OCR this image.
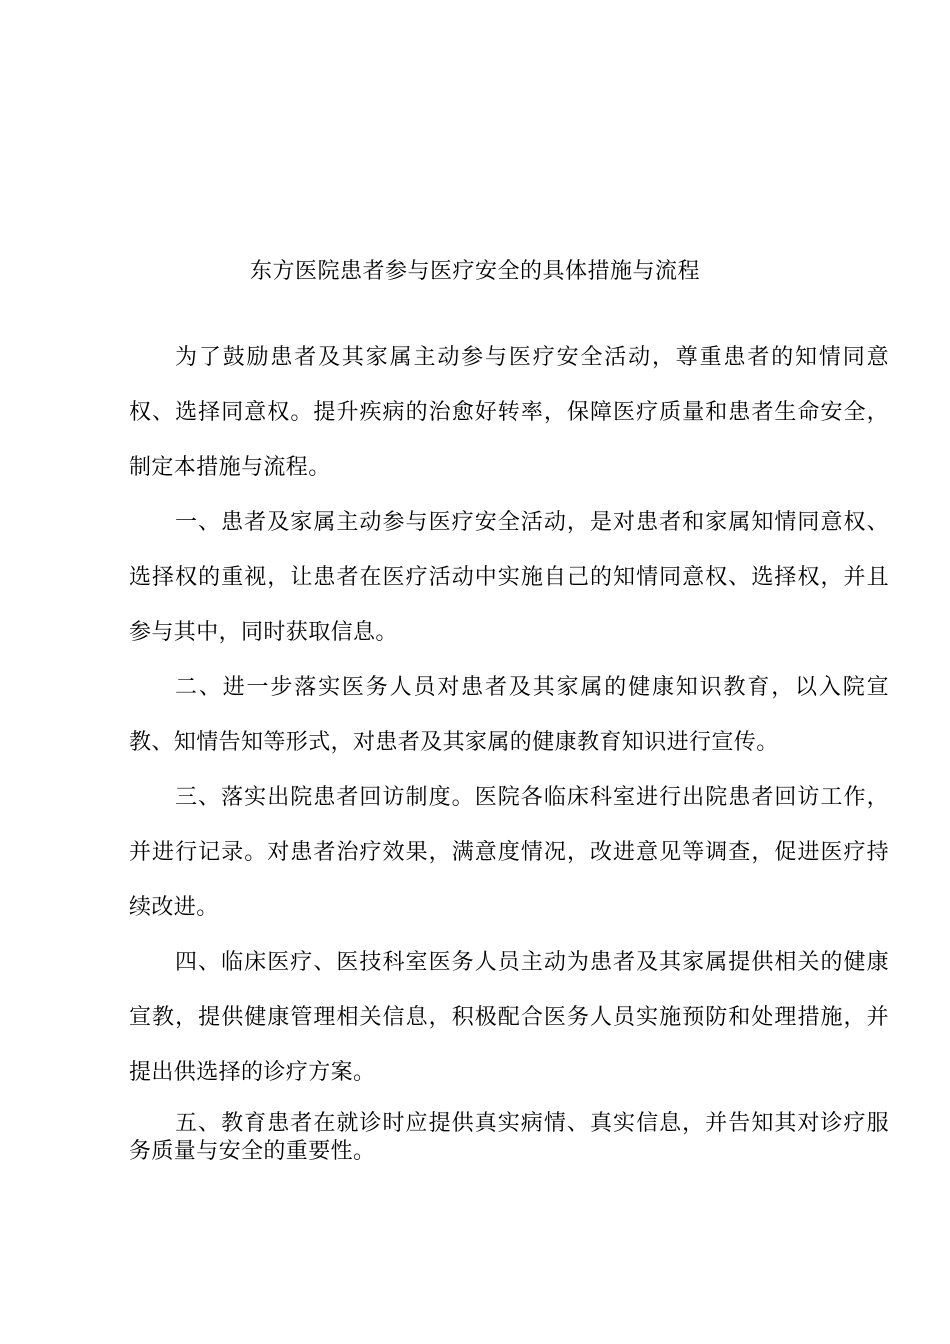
东方医院患者参与医疗安全的具体措施与流程

为了鼓励患者及其家属主动参与医疗安全活动，尊重患者的知情同意权、选择同意权。提升疾病的治愈好转率，保障医疗质量和患者生命安全，制定本措施与流程。

一、患者及家属主动参与医疗安全活动，是对患者和家属知情同意权、选择权的重视，让患者在医疗活动中实施自己的知情同意权、选择权，并且参与其中，同时获取信息。

二、进一步落实医务人员对患者及其家属的健康知识教育，以入院宣教、知情告知等形式，对患者及其家属的健康教育知识进行宣传。

三、落实出院患者回访制度。医院各临床科室进行出院患者回访工作，并进行记录。对患者治疗效果，满意度情况，改进意见等调查，促进医疗持续改进。

四、临床医疗、医技科室医务人员主动为患者及其家属提供相关的健康宣教，提供健康管理相关信息，积极配合医务人员实施预防和处理措施，并提出供选择的诊疗方案。

五、教育患者在就诊时应提供真实病情、真实信息，并告知其对诊疗服务质量与安全的重要性。
